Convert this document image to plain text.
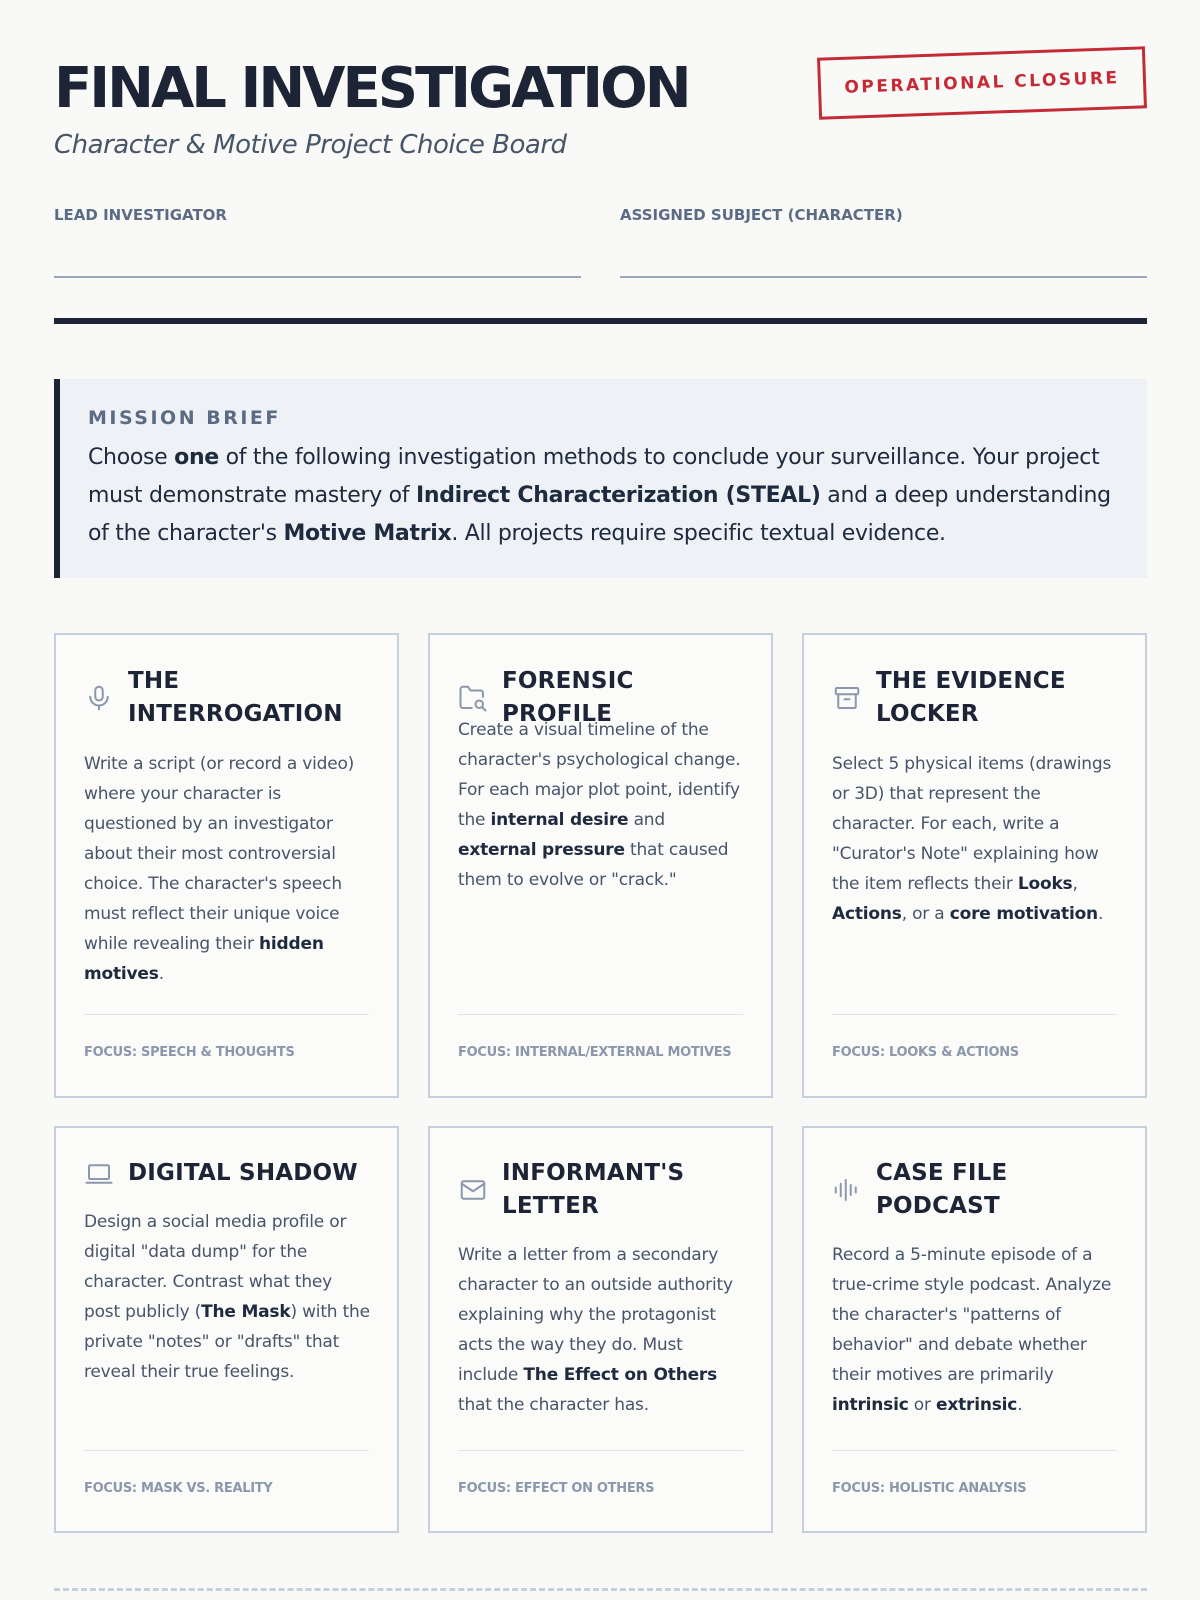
FINAL INVESTIGATION
Character & Motive Project Choice Board
OPERATIONAL CLOSURE
LEAD INVESTIGATOR	ASSIGNED SUBJECT (CHARACTER)
MISSION BRIEF

Choose one of the following investigation methods to conclude your surveillance. Your project must demonstrate mastery of Indirect Characterization (STEAL) and a deep understanding of the character's Motive Matrix. All projects require specific textual evidence.

THE INTERROGATION

Write a script (or record a video) where your character is questioned by an investigator about their most controversial choice. The character's speech must reflect their unique voice while revealing their hidden motives.

FOCUS: SPEECH & THOUGHTS
FORENSIC PROFILE

Create a visual timeline of the character's psychological change. For each major plot point, identify the internal desire and external pressure that caused them to evolve or "crack."

FOCUS: INTERNAL/EXTERNAL MOTIVES
THE EVIDENCE LOCKER

Select 5 physical items (drawings or 3D) that represent the character. For each, write a "Curator's Note" explaining how the item reflects their Looks, Actions, or a core motivation.

FOCUS: LOOKS & ACTIONS
DIGITAL SHADOW

Design a social media profile or digital "data dump" for the character. Contrast what they post publicly (The Mask) with the private "notes" or "drafts" that reveal their true feelings.

FOCUS: MASK VS. REALITY
INFORMANT'S LETTER

Write a letter from a secondary character to an outside authority explaining why the protagonist acts the way they do. Must include The Effect on Others that the character has.

FOCUS: EFFECT ON OTHERS
CASE FILE PODCAST

Record a 5-minute episode of a true-crime style podcast. Analyze the character's "patterns of behavior" and debate whether their motives are primarily intrinsic or extrinsic.

FOCUS: HOLISTIC ANALYSIS
